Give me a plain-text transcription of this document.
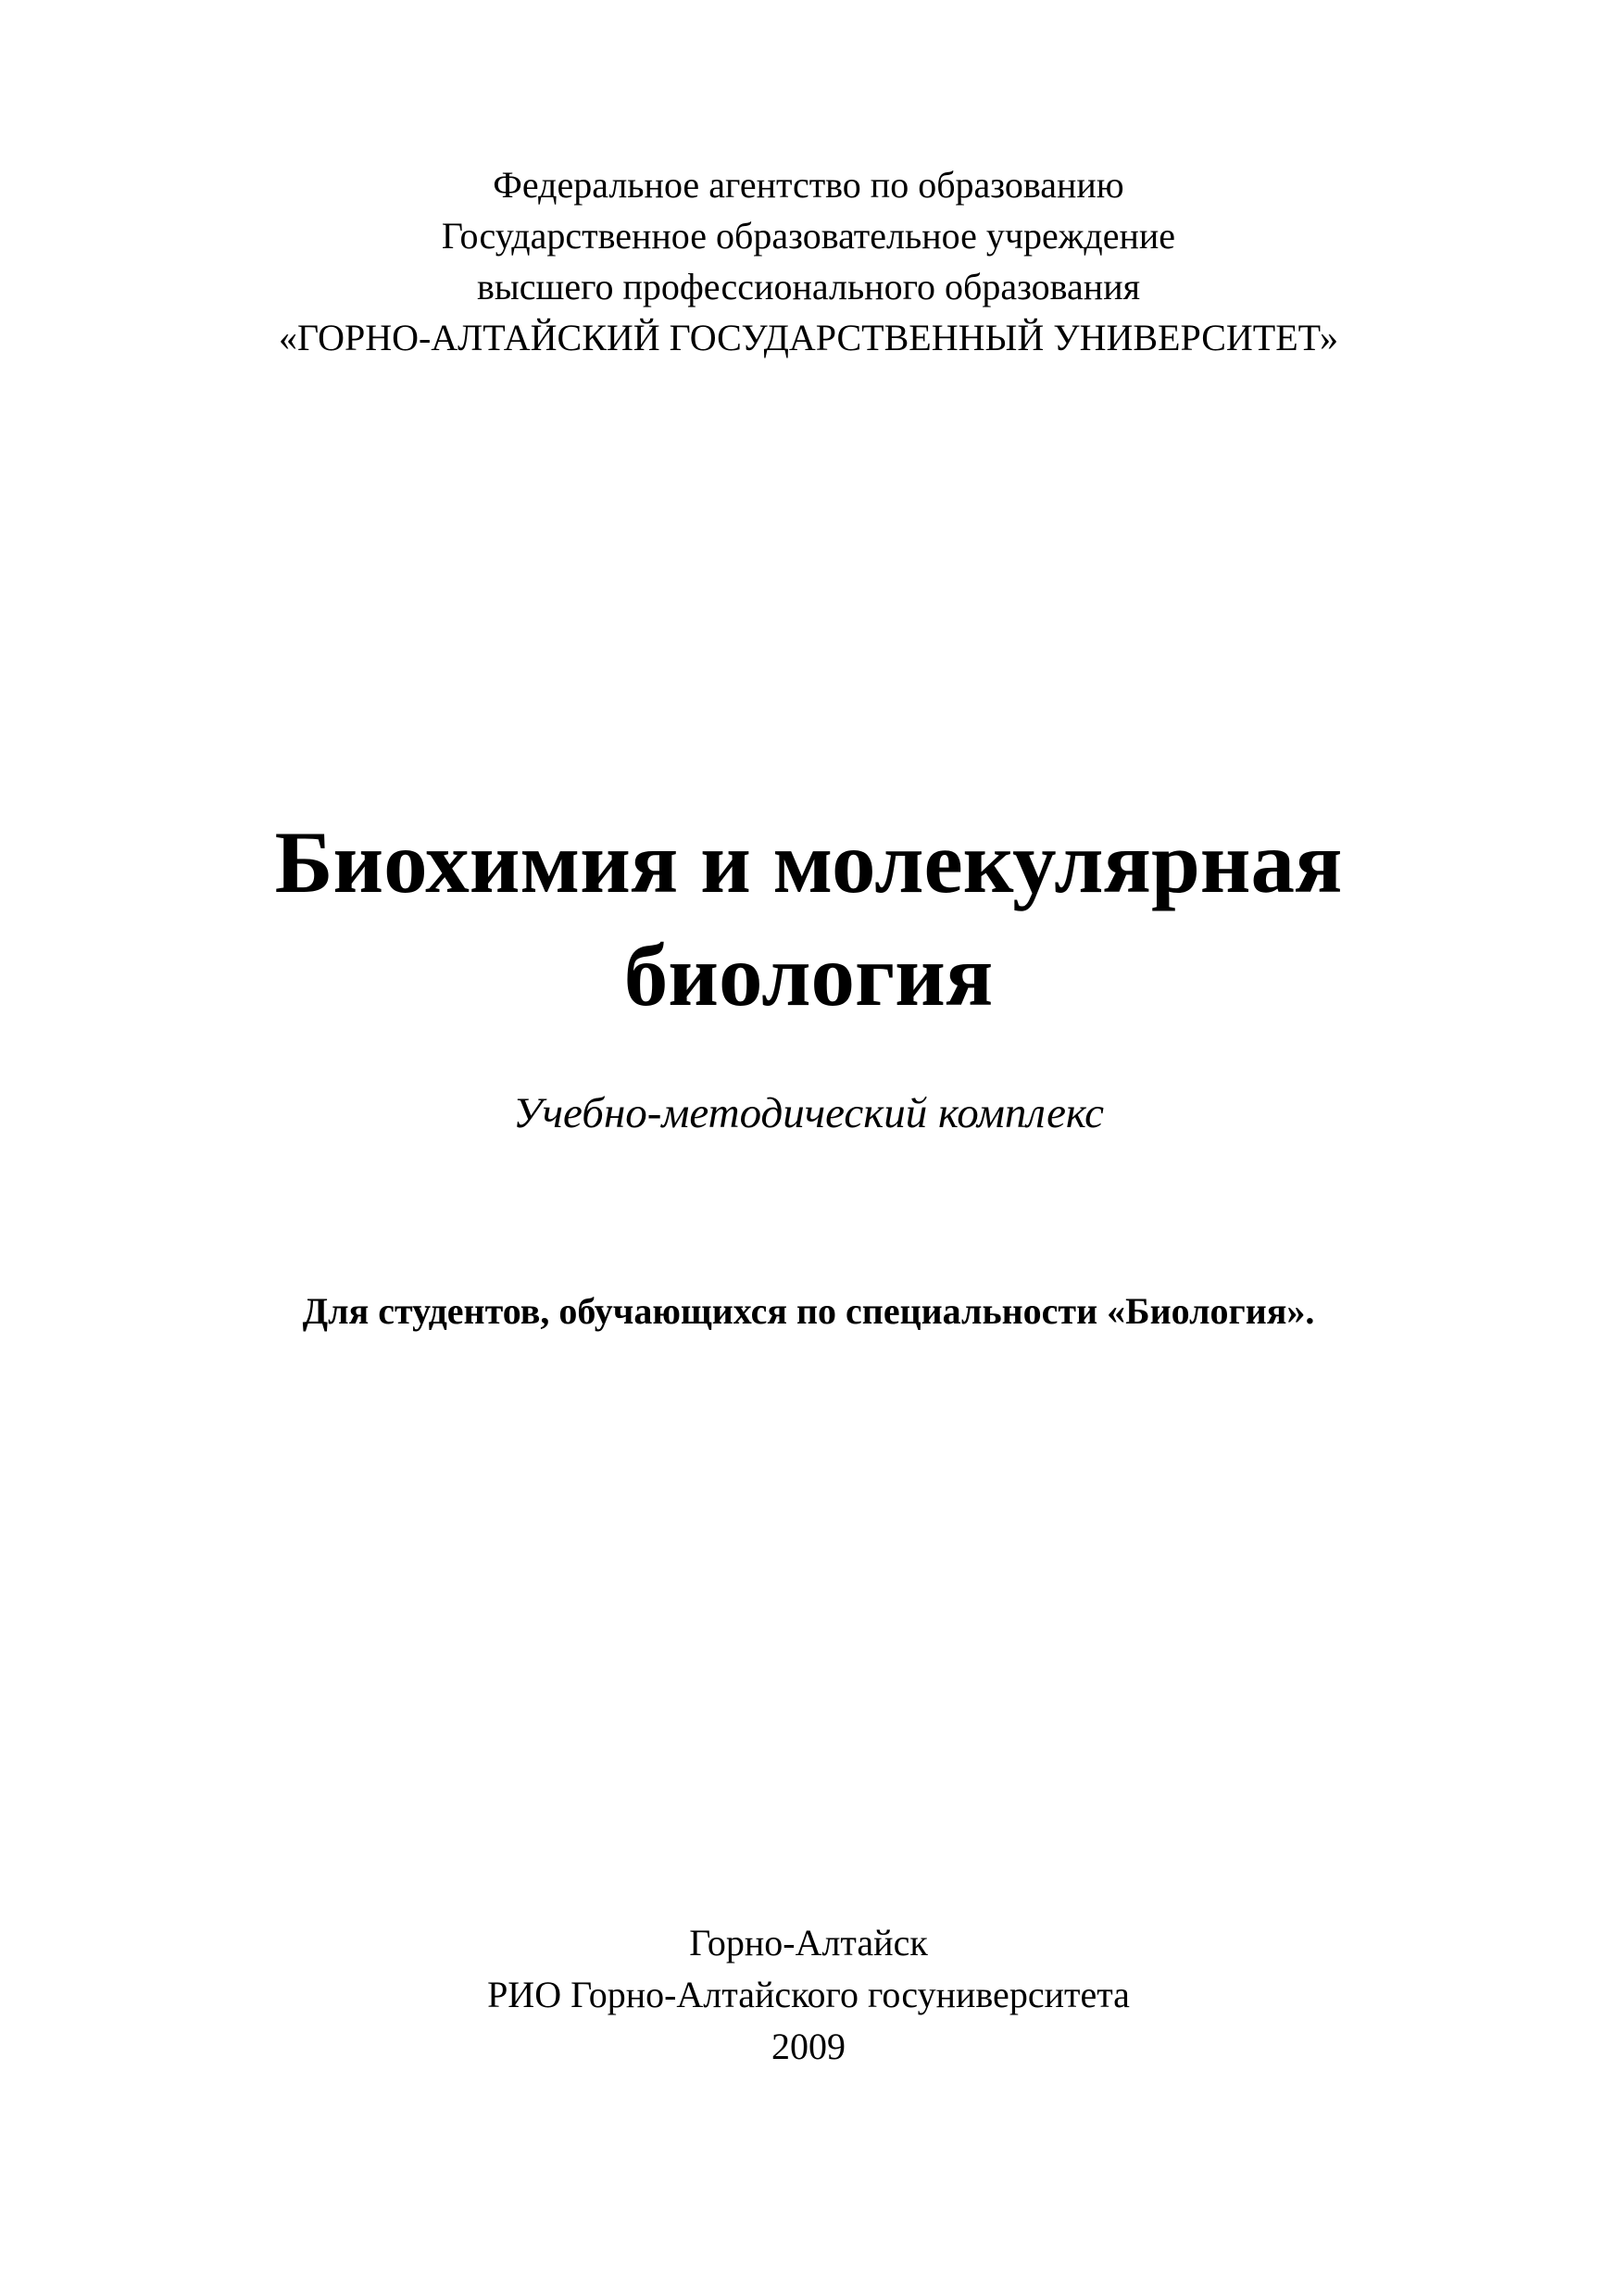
Федеральное агентство по образованию
Государственное образовательное учреждение
высшего профессионального образования
«ГОРНО-АЛТАЙСКИЙ ГОСУДАРСТВЕННЫЙ УНИВЕРСИТЕТ»
Биохимия и молекулярная
биология
Учебно-методический комплекс
Для студентов, обучающихся по специальности «Биология».
Горно-Алтайск
РИО Горно-Алтайского госуниверситета
2009
